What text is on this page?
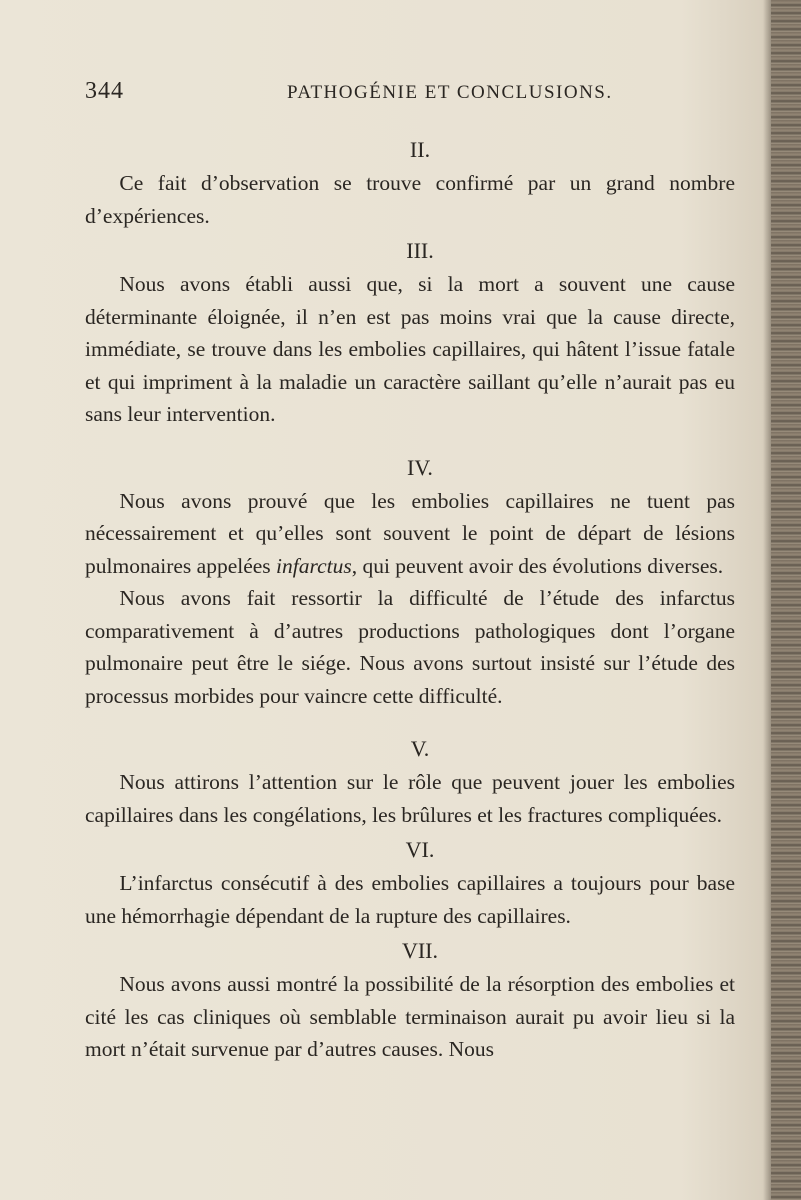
344	PATHOGÉNIE ET CONCLUSIONS.
II.

Ce fait d’observation se trouve confirmé par un grand nombre d’expériences.

III.

Nous avons établi aussi que, si la mort a souvent une cause déterminante éloignée, il n’en est pas moins vrai que la cause directe, immédiate, se trouve dans les embolies capillaires, qui hâtent l’issue fatale et qui impriment à la maladie un caractère saillant qu’elle n’aurait pas eu sans leur intervention.

IV.

Nous avons prouvé que les embolies capillaires ne tuent pas nécessairement et qu’elles sont souvent le point de départ de lésions pulmonaires appelées infarctus, qui peuvent avoir des évolutions diverses.

Nous avons fait ressortir la difficulté de l’étude des infarctus comparativement à d’autres productions pathologiques dont l’organe pulmonaire peut être le siége. Nous avons surtout insisté sur l’étude des processus morbides pour vaincre cette difficulté.

V.

Nous attirons l’attention sur le rôle que peuvent jouer les embolies capillaires dans les congélations, les brûlures et les fractures compliquées.

VI.

L’infarctus consécutif à des embolies capillaires a toujours pour base une hémorrhagie dépendant de la rupture des capillaires.

VII.

Nous avons aussi montré la possibilité de la résorption des embolies et cité les cas cliniques où semblable terminaison aurait pu avoir lieu si la mort n’était survenue par d’autres causes. Nous
